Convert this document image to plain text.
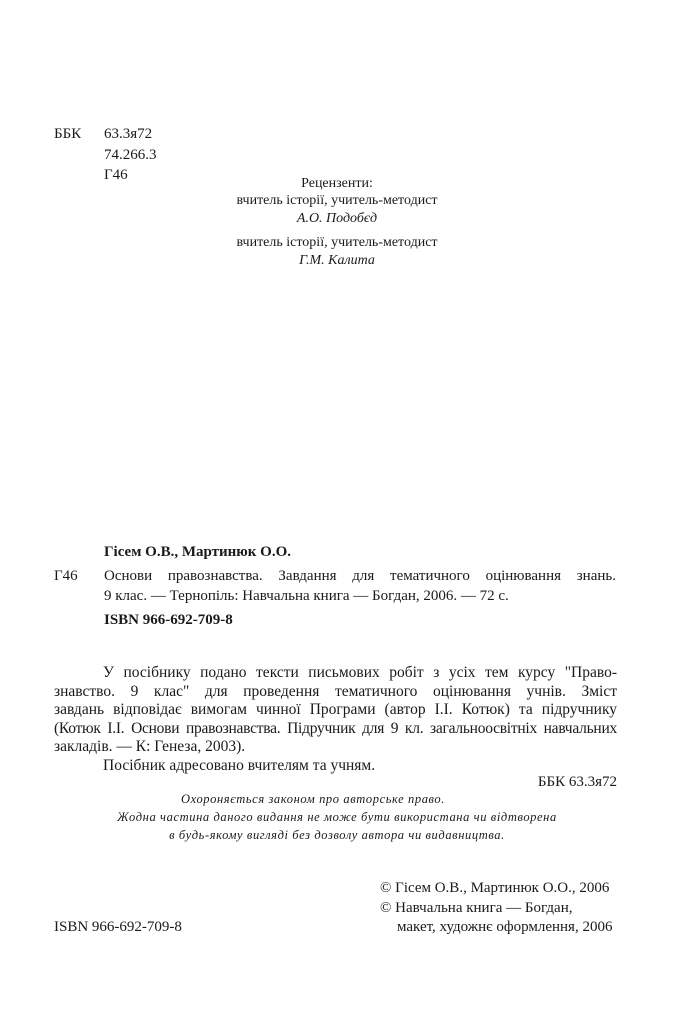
ББК 63.3я72
74.266.3
Г46
Рецензенти:
вчитель історії, учитель-методист
А.О. Подобєд
вчитель історії, учитель-методист
Г.М. Калита
Гісем О.В., Мартинюк О.О.
Г46 Основи правознавства. Завдання для тематичного оцінювання знань.
9 клас. — Тернопіль: Навчальна книга — Богдан, 2006. — 72 с.
ISBN 966-692-709-8
У посібнику подано тексти письмових робіт з усіх тем курсу "Право-
знавство. 9 клас" для проведення тематичного оцінювання учнів. Зміст
завдань відповідає вимогам чинної Програми (автор І.І. Котюк) та підручнику
(Котюк І.І. Основи правознавства. Підручник для 9 кл. загальноосвітніх навчальних
закладів. — К: Генеза, 2003).
Посібник адресовано вчителям та учням.
ББК 63.3я72
Охороняється законом про авторське право.
Жодна частина даного видання не може бути використана чи відтворена
в будь-якому вигляді без дозволу автора чи видавництва.
ISBN 966-692-709-8
© Гісем О.В., Мартинюк О.О., 2006
© Навчальна книга — Богдан,
макет, художнє оформлення, 2006
